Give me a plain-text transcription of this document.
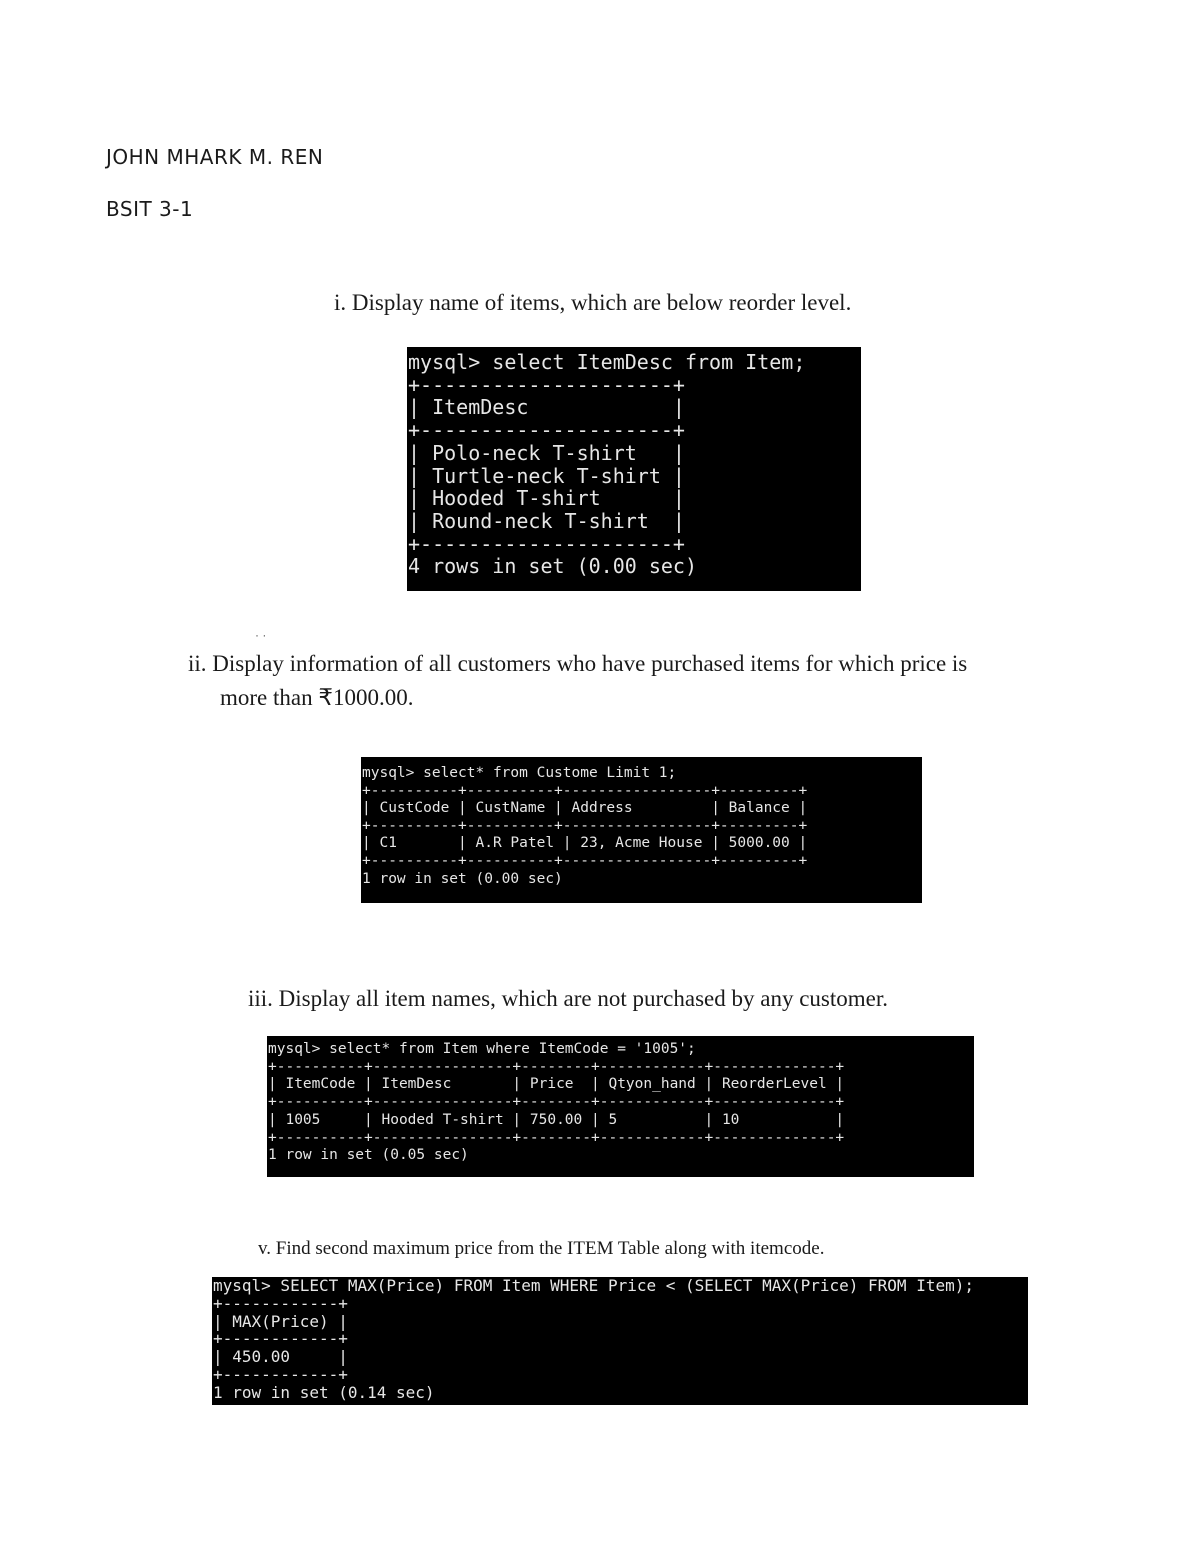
JOHN MHARK M. REN

BSIT 3-1

i. Display name of items, which are below reorder level.

mysql> select ItemDesc from Item;
+---------------------+
| ItemDesc            |
+---------------------+
| Polo-neck T-shirt   |
| Turtle-neck T-shirt |
| Hooded T-shirt      |
| Round-neck T-shirt  |
+---------------------+
4 rows in set (0.00 sec)
· ·

ii. Display information of all customers who have purchased items for which price is

more than ₹1000.00.

mysql> select* from Custome Limit 1;
+----------+----------+-----------------+---------+
| CustCode | CustName | Address         | Balance |
+----------+----------+-----------------+---------+
| C1       | A.R Patel | 23, Acme House | 5000.00 |
+----------+----------+-----------------+---------+
1 row in set (0.00 sec)

iii. Display all item names, which are not purchased by any customer.

mysql> select* from Item where ItemCode = '1005';
+----------+----------------+--------+------------+--------------+
| ItemCode | ItemDesc       | Price  | Qtyon_hand | ReorderLevel |
+----------+----------------+--------+------------+--------------+
| 1005     | Hooded T-shirt | 750.00 | 5          | 10           |
+----------+----------------+--------+------------+--------------+
1 row in set (0.05 sec)

v. Find second maximum price from the ITEM Table along with itemcode.

mysql> SELECT MAX(Price) FROM Item WHERE Price < (SELECT MAX(Price) FROM Item);
+------------+
| MAX(Price) |
+------------+
| 450.00     |
+------------+
1 row in set (0.14 sec)
